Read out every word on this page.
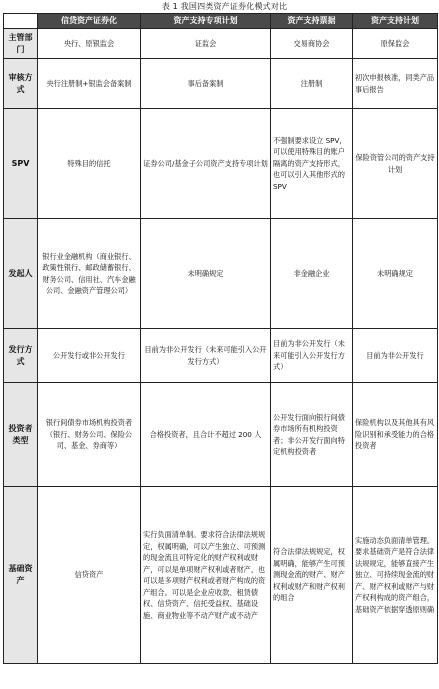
表 1 我国四类资产证券化模式对比
	信贷资产证券化	资产支持专项计划	资产支持票据	资产支持计划
主管部门	央行、原银监会	证监会	交易商协会	原保监会
审核方式	央行注册制+银监会备案制	事后备案制	注册制	初次申报核准，同类产品事后报告
SPV	特殊目的信托	证券公司/基金子公司资产支持专项计划	不强制要求设立 SPV，可以使用特殊目的账户隔离的资产支持形式，也可以引入其他形式的 SPV	保险资管公司的资产支持计划
发起人	银行业金融机构（商业银行、政策性银行、邮政储蓄银行、财务公司、信用社、汽车金融公司、金融资产管理公司）	未明确规定	非金融企业	未明确规定
发行方式	公开发行或非公开发行	目前为非公开发行（未来可能引入公开发行方式）	目前为非公开发行（未来可能引入公开发行方式）	目前为非公开发行
投资者类型	银行间债券市场机构投资者（银行、财务公司、保险公司、基金、券商等）	合格投资者，且合计不超过 200 人	公开发行面向银行间债券市场所有机构投资者；非公开发行面向特定机构投资者	保险机构以及其他具有风险识别和承受能力的合格投资者
基础资产	信贷资产	实行负面清单制。要求符合法律法规规定，权属明确，可以产生独立、可预测的现金流且可特定化的财产权利或财产，可以是单项财产权利或者财产，也可以是多项财产权利或者财产构成的资产组合。可以是企业应收款、租赁债权、信贷资产、信托受益权、基础设施、商业物业等不动产财产或不动产	符合法律法规规定，权属明确，能够产生可预测现金流的财产、财产权利或财产和财产权利的组合	实施动态负面清单管理。要求基础资产是符合法律法规规定，能够直接产生独立、可持续现金流的财产、财产权利或财产与财产权利构成的资产组合，基础资产依据穿透原则确
